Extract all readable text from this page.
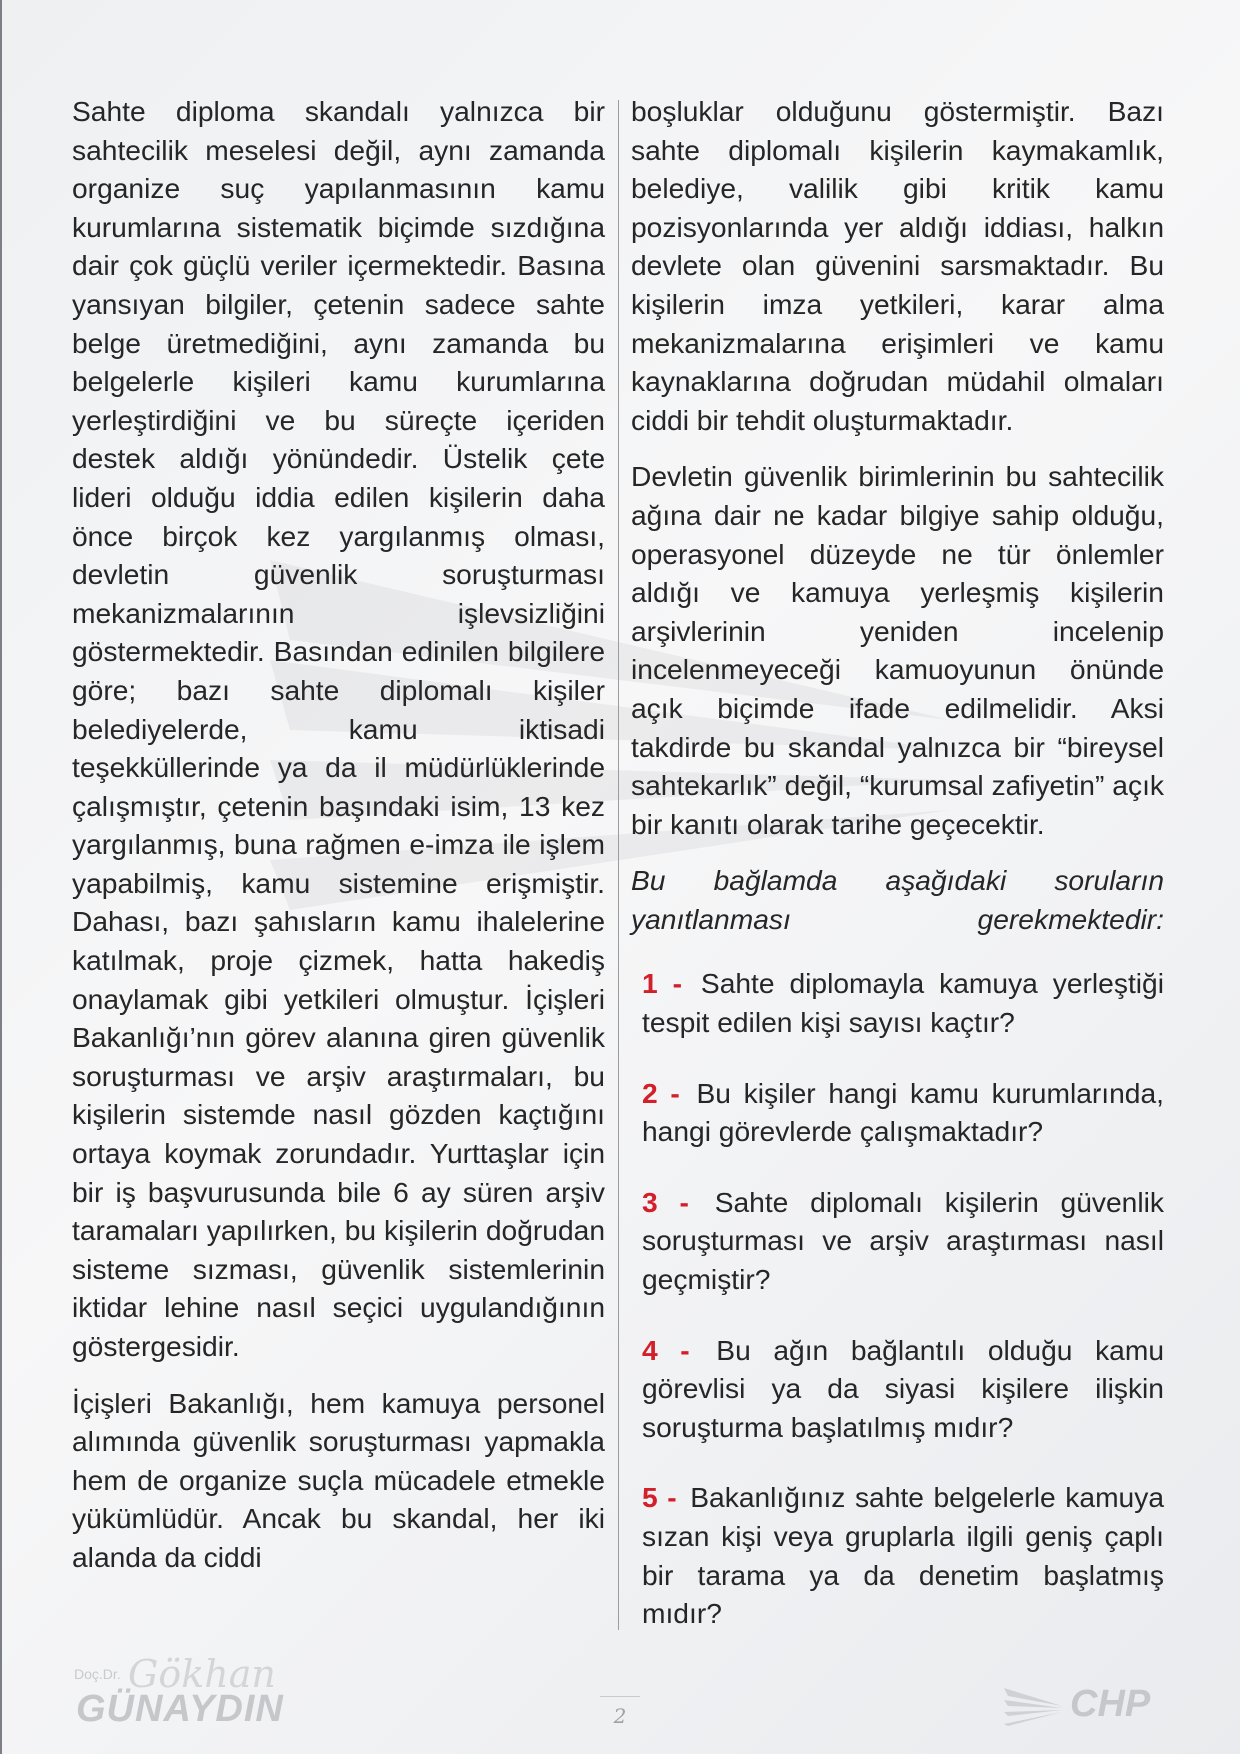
Sahte diploma skandalı yalnızca bir sahtecilik meselesi değil, aynı zamanda organize suç yapılanmasının kamu kurumlarına sistematik biçimde sızdığına dair çok güçlü veriler içermektedir. Basına yansıyan bilgiler, çetenin sadece sahte belge üretmediğini, aynı zamanda bu belgelerle kişileri kamu kurumlarına yerleştirdiğini ve bu süreçte içeriden destek aldığı yönündedir. Üstelik çete lideri olduğu iddia edilen kişilerin daha önce birçok kez yargılanmış olması, devletin güvenlik soruşturması mekanizmalarının işlevsizliğini göstermektedir. Basından edinilen bilgilere göre; bazı sahte diplomalı kişiler belediyelerde, kamu iktisadi teşekküllerinde ya da il müdürlüklerinde çalışmıştır, çetenin başındaki isim, 13 kez yargılanmış, buna rağmen e-imza ile işlem yapabilmiş, kamu sistemine erişmiştir. Dahası, bazı şahısların kamu ihalelerine katılmak, proje çizmek, hatta hakediş onaylamak gibi yetkileri olmuştur. İçişleri Bakanlığı’nın görev alanına giren güvenlik soruşturması ve arşiv araştırmaları, bu kişilerin sistemde nasıl gözden kaçtığını ortaya koymak zorundadır. Yurttaşlar için bir iş başvurusunda bile 6 ay süren arşiv taramaları yapılırken, bu kişilerin doğrudan sisteme sızması, güvenlik sistemlerinin iktidar lehine nasıl seçici uygulandığının göstergesidir.

İçişleri Bakanlığı, hem kamuya personel alımında güvenlik soruşturması yapmakla hem de organize suçla mücadele etmekle yükümlüdür. Ancak bu skandal, her iki alanda da ciddi

boşluklar olduğunu göstermiştir. Bazı sahte diplomalı kişilerin kaymakamlık, belediye, valilik gibi kritik kamu pozisyonlarında yer aldığı iddiası, halkın devlete olan güvenini sarsmaktadır. Bu kişilerin imza yetkileri, karar alma mekanizmalarına erişimleri ve kamu kaynaklarına doğrudan müdahil olmaları ciddi bir tehdit oluşturmaktadır.

Devletin güvenlik birimlerinin bu sahtecilik ağına dair ne kadar bilgiye sahip olduğu, operasyonel düzeyde ne tür önlemler aldığı ve kamuya yerleşmiş kişilerin arşivlerinin yeniden incelenip incelenmeyeceği kamuoyunun önünde açık biçimde ifade edilmelidir. Aksi takdirde bu skandal yalnızca bir “bireysel sahtekarlık” değil, “kurumsal zafiyetin” açık bir kanıtı olarak tarihe geçecektir.

Bu bağlamda aşağıdaki soruların yanıtlanması gerekmektedir:

1 - Sahte diplomayla kamuya yerleştiği tespit edilen kişi sayısı kaçtır?
2 - Bu kişiler hangi kamu kurumlarında, hangi görevlerde çalışmaktadır?
3 - Sahte diplomalı kişilerin güvenlik soruşturması ve arşiv araştırması nasıl geçmiştir?
4 - Bu ağın bağlantılı olduğu kamu görevlisi ya da siyasi kişilere ilişkin soruşturma başlatılmış mıdır?
5 - Bakanlığınız sahte belgelerle kamuya sızan kişi veya gruplarla ilgili geniş çaplı bir tarama ya da denetim başlatmış mıdır?
Doç.Dr. Gökhan
GÜNAYDIN	2	CHP
